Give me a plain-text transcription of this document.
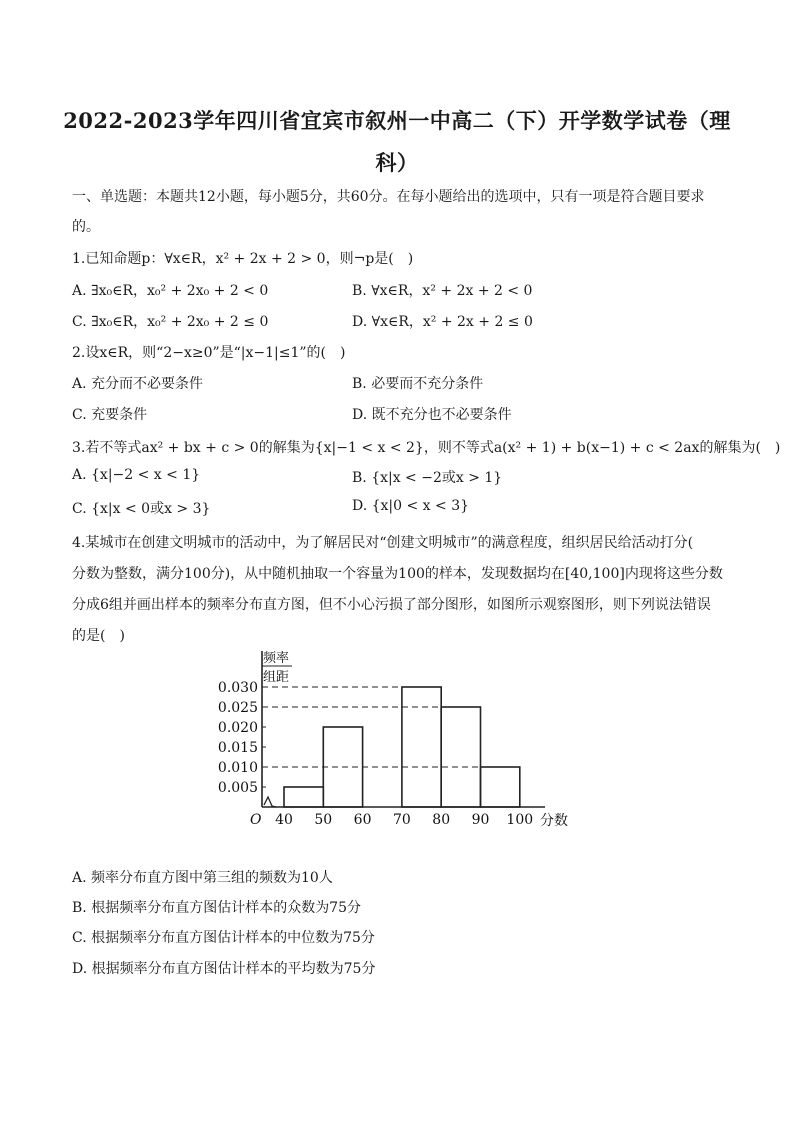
2022-2023学年四川省宜宾市叙州一中高二（下）开学数学试卷（理
科）
一、单选题：本题共12小题，每小题5分，共60分。在每小题给出的选项中，只有一项是符合题目要求
的。
1.已知命题p：∀x∈R，x² + 2x + 2 > 0，则¬p是(　)
A. ∃x₀∈R，x₀² + 2x₀ + 2 < 0	B. ∀x∈R，x² + 2x + 2 < 0
C. ∃x₀∈R，x₀² + 2x₀ + 2 ≤ 0	D. ∀x∈R，x² + 2x + 2 ≤ 0
2.设x∈R，则“2−x≥0”是“|x−1|≤1”的(　)
A. 充分而不必要条件	B. 必要而不充分条件
C. 充要条件	D. 既不充分也不必要条件
3.若不等式ax² + bx + c > 0的解集为{x|−1 < x < 2}，则不等式a(x² + 1) + b(x−1) + c < 2ax的解集为(　)
A. {x|−2 < x < 1}	B. {x|x < −2或x > 1}
C. {x|x < 0或x > 3}	D. {x|0 < x < 3}
4.某城市在创建文明城市的活动中，为了解居民对“创建文明城市”的满意程度，组织居民给活动打分(
分数为整数，满分100分)，从中随机抽取一个容量为100的样本，发现数据均在[40,100]内现将这些分数
分成6组并画出样本的频率分布直方图，但不小心污损了部分图形，如图所示观察图形，则下列说法错误
的是(　)
0.005
0.010
0.015
0.020
0.025
0.030
40 50 60 70 80 90 100
O	分数
频率
组距
A. 频率分布直方图中第三组的频数为10人
B. 根据频率分布直方图估计样本的众数为75分
C. 根据频率分布直方图估计样本的中位数为75分
D. 根据频率分布直方图估计样本的平均数为75分
